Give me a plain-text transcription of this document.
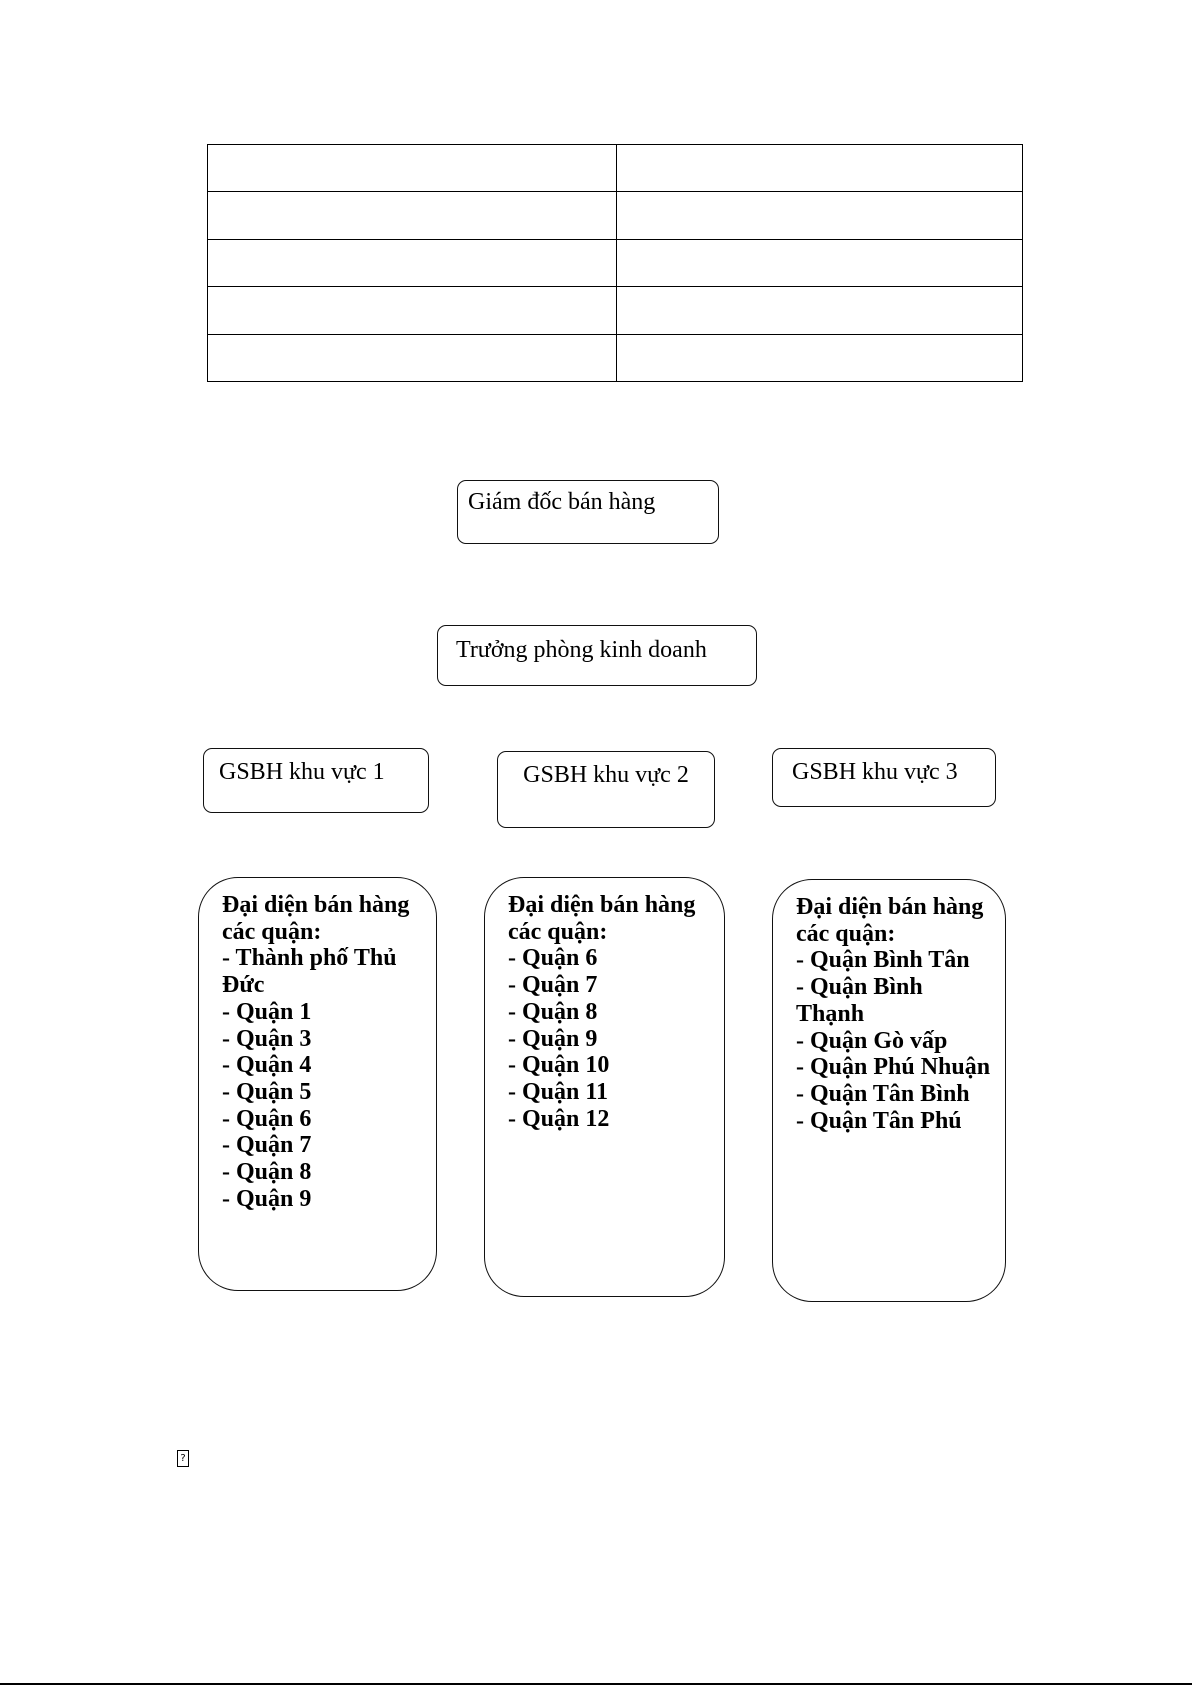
Giám đốc bán hàng
Trưởng phòng kinh doanh
GSBH khu vực 1	GSBH khu vực 2	GSBH khu vực 3
Đại diện bán hàng các quận:
- Thành phố Thủ Đức
- Quận 1
- Quận 3
- Quận 4
- Quận 5
- Quận 6
- Quận 7
- Quận 8
- Quận 9
Đại diện bán hàng các quận:
- Quận 6
- Quận 7
- Quận 8
- Quận 9
- Quận 10
- Quận 11
- Quận 12
Đại diện bán hàng các quận:
- Quận Bình Tân
- Quận Bình Thạnh
- Quận Gò vấp
- Quận Phú Nhuận
- Quận Tân Bình
- Quận Tân Phú
?
